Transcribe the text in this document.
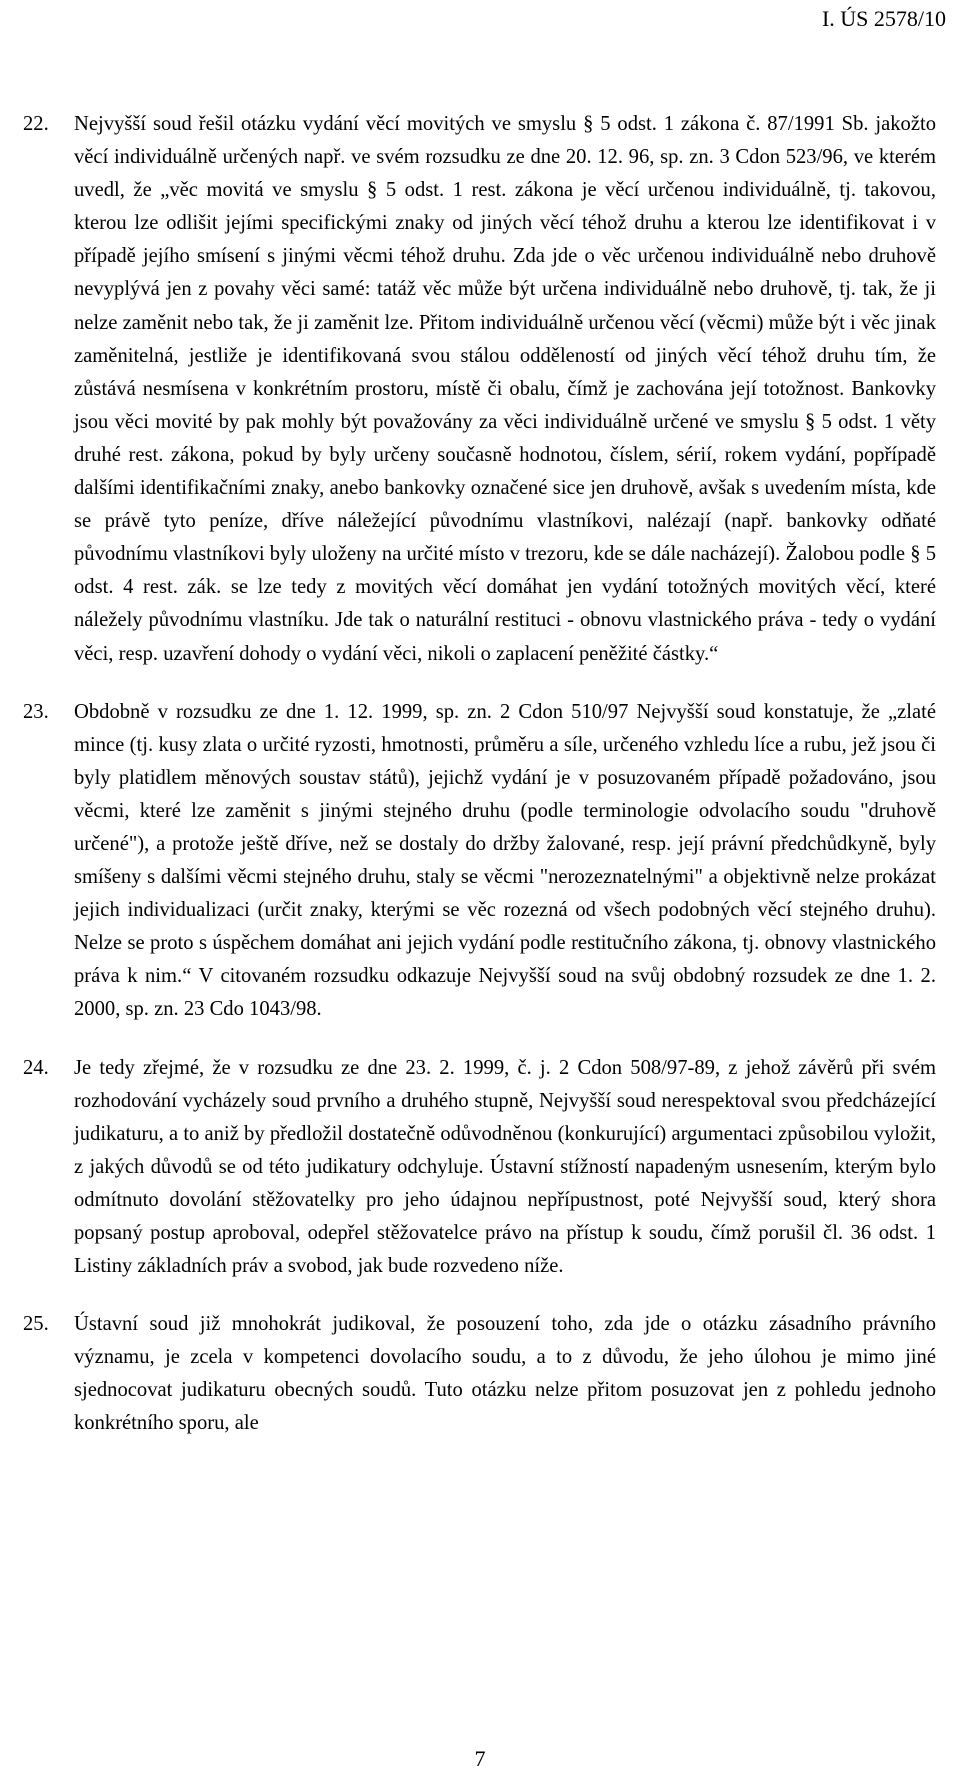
I. ÚS 2578/10
22. Nejvyšší soud řešil otázku vydání věcí movitých ve smyslu § 5 odst. 1 zákona č. 87/1991 Sb. jakožto věcí individuálně určených např. ve svém rozsudku ze dne 20. 12. 96, sp. zn. 3 Cdon 523/96, ve kterém uvedl, že „věc movitá ve smyslu § 5 odst. 1 rest. zákona je věcí určenou individuálně, tj. takovou, kterou lze odlišit jejími specifickými znaky od jiných věcí téhož druhu a kterou lze identifikovat i v případě jejího smísení s jinými věcmi téhož druhu. Zda jde o věc určenou individuálně nebo druhově nevyplývá jen z povahy věci samé: tatáž věc může být určena individuálně nebo druhově, tj. tak, že ji nelze zaměnit nebo tak, že ji zaměnit lze. Přitom individuálně určenou věcí (věcmi) může být i věc jinak zaměnitelná, jestliže je identifikovaná svou stálou odděleností od jiných věcí téhož druhu tím, že zůstává nesmísena v konkrétním prostoru, místě či obalu, čímž je zachována její totožnost. Bankovky jsou věci movité by pak mohly být považovány za věci individuálně určené ve smyslu § 5 odst. 1 věty druhé rest. zákona, pokud by byly určeny současně hodnotou, číslem, sérií, rokem vydání, popřípadě dalšími identifikačními znaky, anebo bankovky označené sice jen druhově, avšak s uvedením místa, kde se právě tyto peníze, dříve náležející původnímu vlastníkovi, nalézají (např. bankovky odňaté původnímu vlastníkovi byly uloženy na určité místo v trezoru, kde se dále nacházejí). Žalobou podle § 5 odst. 4 rest. zák. se lze tedy z movitých věcí domáhat jen vydání totožných movitých věcí, které náležely původnímu vlastníku. Jde tak o naturální restituci - obnovu vlastnického práva - tedy o vydání věci, resp. uzavření dohody o vydání věci, nikoli o zaplacení peněžité částky.“
23. Obdobně v rozsudku ze dne 1. 12. 1999, sp. zn. 2 Cdon 510/97 Nejvyšší soud konstatuje, že „zlaté mince (tj. kusy zlata o určité ryzosti, hmotnosti, průměru a síle, určeného vzhledu líce a rubu, jež jsou či byly platidlem měnových soustav států), jejichž vydání je v posuzovaném případě požadováno, jsou věcmi, které lze zaměnit s jinými stejného druhu (podle terminologie odvolacího soudu "druhově určené"), a protože ještě dříve, než se dostaly do držby žalované, resp. její právní předchůdkyně, byly smíšeny s dalšími věcmi stejného druhu, staly se věcmi "nerozeznatelnými" a objektivně nelze prokázat jejich individualizaci (určit znaky, kterými se věc rozezná od všech podobných věcí stejného druhu). Nelze se proto s úspěchem domáhat ani jejich vydání podle restitučního zákona, tj. obnovy vlastnického práva k nim.“ V citovaném rozsudku odkazuje Nejvyšší soud na svůj obdobný rozsudek ze dne 1. 2. 2000, sp. zn. 23 Cdo 1043/98.
24. Je tedy zřejmé, že v rozsudku ze dne 23. 2. 1999, č. j. 2 Cdon 508/97-89, z jehož závěrů při svém rozhodování vycházely soud prvního a druhého stupně, Nejvyšší soud nerespektoval svou předcházející judikaturu, a to aniž by předložil dostatečně odůvodněnou (konkurující) argumentaci způsobilou vyložit, z jakých důvodů se od této judikatury odchyluje. Ústavní stížností napadeným usnesením, kterým bylo odmítnuto dovolání stěžovatelky pro jeho údajnou nepřípustnost, poté Nejvyšší soud, který shora popsaný postup aproboval, odepřel stěžovatelce právo na přístup k soudu, čímž porušil čl. 36 odst. 1 Listiny základních práv a svobod, jak bude rozvedeno níže.
25. Ústavní soud již mnohokrát judikoval, že posouzení toho, zda jde o otázku zásadního právního významu, je zcela v kompetenci dovolacího soudu, a to z důvodu, že jeho úlohou je mimo jiné sjednocovat judikaturu obecných soudů. Tuto otázku nelze přitom posuzovat jen z pohledu jednoho konkrétního sporu, ale
7
